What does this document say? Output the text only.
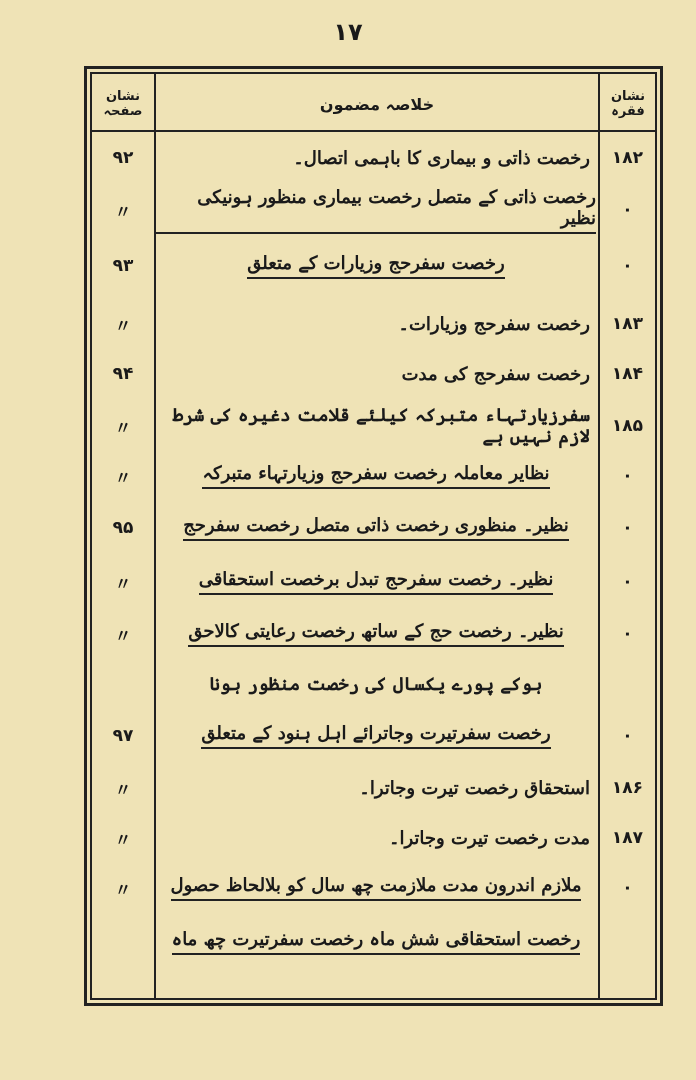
۱۷
نشان فقرہ
خلاصہ مضمون
نشان صفحہ
۱۸۲
رخصت ذاتی و بیماری کا باہمی اتصال۔
۹۲
۰
رخصت ذاتی کے متصل رخصت بیماری منظور ہونیکی نظیر
〃
۰
رخصت سفرحج وزیارات کے متعلق
۹۳
۱۸۳
رخصت سفرحج وزیارات۔
〃
۱۸۴
رخصت سفرحج کی مدت
۹۴
۱۸۵
سفرزیارتہاء متبرکہ کیلئے قلامت دغیرہ کی شرط لازم نہیں ہے
〃
۰
نظایر معاملہ رخصت سفرحج وزیارتہاء متبرکہ
〃
۰
نظیر۔ منظوری رخصت ذاتی متصل رخصت سفرحج
۹۵
۰
نظیر۔ رخصت سفرحج تبدل برخصت استحقاقی
〃
۰
نظیر۔ رخصت حج کے ساتھ رخصت رعایتی کالاحق
〃
ہوکے پورے یکسال کی رخصت منظور ہونا
۰
رخصت سفرتیرت وجاترائے اہل ہنود کے متعلق
۹۷
۱۸۶
استحقاق رخصت تیرت وجاترا۔
〃
۱۸۷
مدت رخصت تیرت وجاترا۔
〃
۰
ملازم اندرون مدت ملازمت چھ سال کو بلالحاظ حصول
〃
رخصت استحقاقی شش ماہ رخصت سفرتیرت چھ ماہ
